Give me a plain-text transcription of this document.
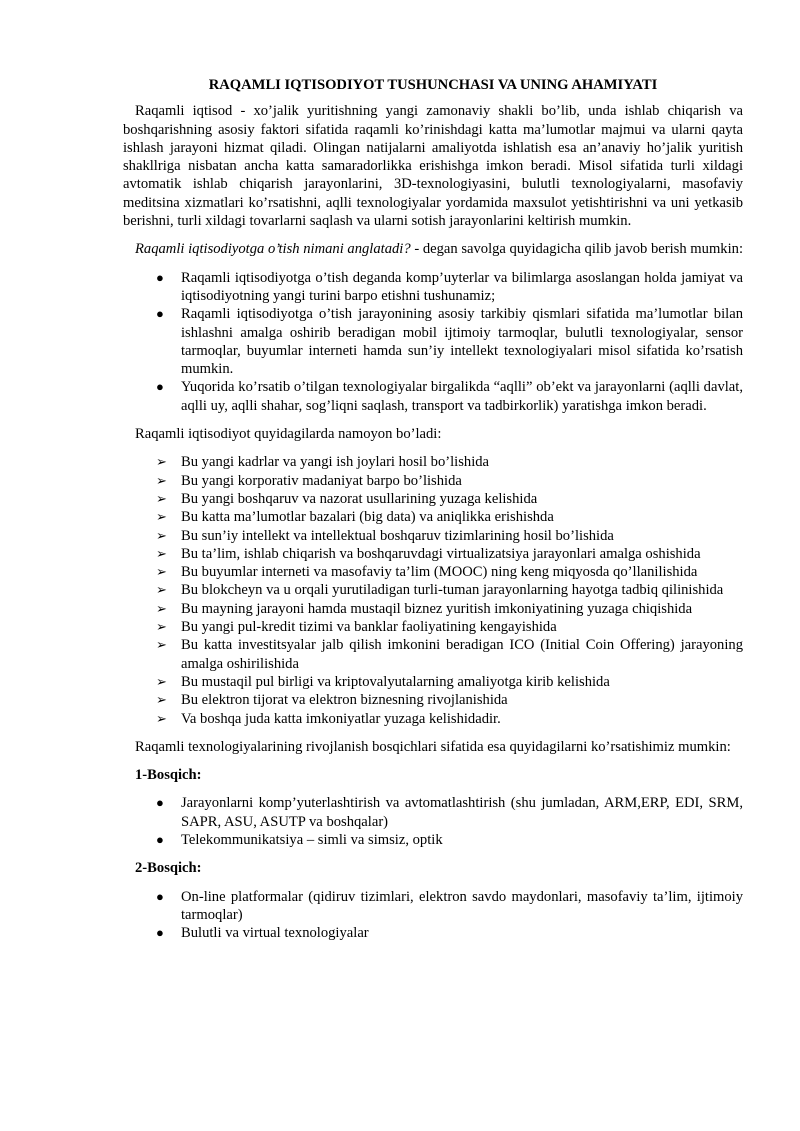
RAQAMLI IQTISODIYOT TUSHUNCHASI VA UNING AHAMIYATI

Raqamli iqtisod - xo’jalik yuritishning yangi zamonaviy shakli bo’lib, unda ishlab chiqarish va boshqarishning asosiy faktori sifatida raqamli ko’rinishdagi katta ma’lumotlar majmui va ularni qayta ishlash jarayoni hizmat qiladi. Olingan natijalarni amaliyotda ishlatish esa an’anaviy ho’jalik yuritish shakllriga nisbatan ancha katta samaradorlikka erishishga imkon beradi. Misol sifatida turli xildagi avtomatik ishlab chiqarish jarayonlarini, 3D-texnologiyasini, bulutli texnologiyalarni, masofaviy meditsina xizmatlari ko’rsatishni, aqlli texnologiyalar yordamida maxsulot yetishtirishni va uni yetkasib berishni, turli xildagi tovarlarni saqlash va ularni sotish jarayonlarini keltirish mumkin.

Raqamli iqtisodiyotga o’tish nimani anglatadi? - degan savolga quyidagicha qilib javob berish mumkin:

● Raqamli iqtisodiyotga o’tish deganda komp’uyterlar va bilimlarga asoslangan holda jamiyat va iqtisodiyotning yangi turini barpo etishni tushunamiz;
● Raqamli iqtisodiyotga o’tish jarayonining asosiy tarkibiy qismlari sifatida ma’lumotlar bilan ishlashni amalga oshirib beradigan mobil ijtimoiy tarmoqlar, bulutli texnologiyalar, sensor tarmoqlar, buyumlar interneti hamda sun’iy intellekt texnologiyalari misol sifatida ko’rsatish mumkin.
● Yuqorida ko’rsatib o’tilgan texnologiyalar birgalikda “aqlli” ob’ekt va jarayonlarni (aqlli davlat, aqlli uy, aqlli shahar, sog’liqni saqlash, transport va tadbirkorlik) yaratishga imkon beradi.

Raqamli iqtisodiyot quyidagilarda namoyon bo’ladi:

➢ Bu yangi kadrlar va yangi ish joylari hosil bo’lishida
➢ Bu yangi korporativ madaniyat barpo bo’lishida
➢ Bu yangi boshqaruv va nazorat usullarining yuzaga kelishida
➢ Bu katta ma’lumotlar bazalari (big data) va aniqlikka erishishda
➢ Bu sun’iy intellekt va intellektual boshqaruv tizimlarining hosil bo’lishida
➢ Bu ta’lim, ishlab chiqarish va boshqaruvdagi virtualizatsiya jarayonlari amalga oshishida
➢ Bu buyumlar interneti va masofaviy ta’lim (MOOC) ning keng miqyosda qo’llanilishida
➢ Bu blokcheyn va u orqali yurutiladigan turli-tuman jarayonlarning hayotga tadbiq qilinishida
➢ Bu mayning jarayoni hamda mustaqil biznez yuritish imkoniyatining yuzaga chiqishida
➢ Bu yangi pul-kredit tizimi va banklar faoliyatining kengayishida
➢ Bu katta investitsyalar jalb qilish imkonini beradigan ICO (Initial Coin Offering) jarayoning amalga oshirilishida
➢ Bu mustaqil pul birligi va kriptovalyutalarning amaliyotga kirib kelishida
➢ Bu elektron tijorat va elektron biznesning rivojlanishida
➢ Va boshqa juda katta imkoniyatlar yuzaga kelishidadir.

Raqamli texnologiyalarining rivojlanish bosqichlari sifatida esa quyidagilarni ko’rsatishimiz mumkin:

1-Bosqich:

● Jarayonlarni komp’yuterlashtirish va avtomatlashtirish (shu jumladan, ARM,ERP, EDI, SRM, SAPR, ASU, ASUTP va boshqalar)
● Telekommunikatsiya – simli va simsiz, optik

2-Bosqich:

● On-line platformalar (qidiruv tizimlari, elektron savdo maydonlari, masofaviy ta’lim, ijtimoiy tarmoqlar)
● Bulutli va virtual texnologiyalar
